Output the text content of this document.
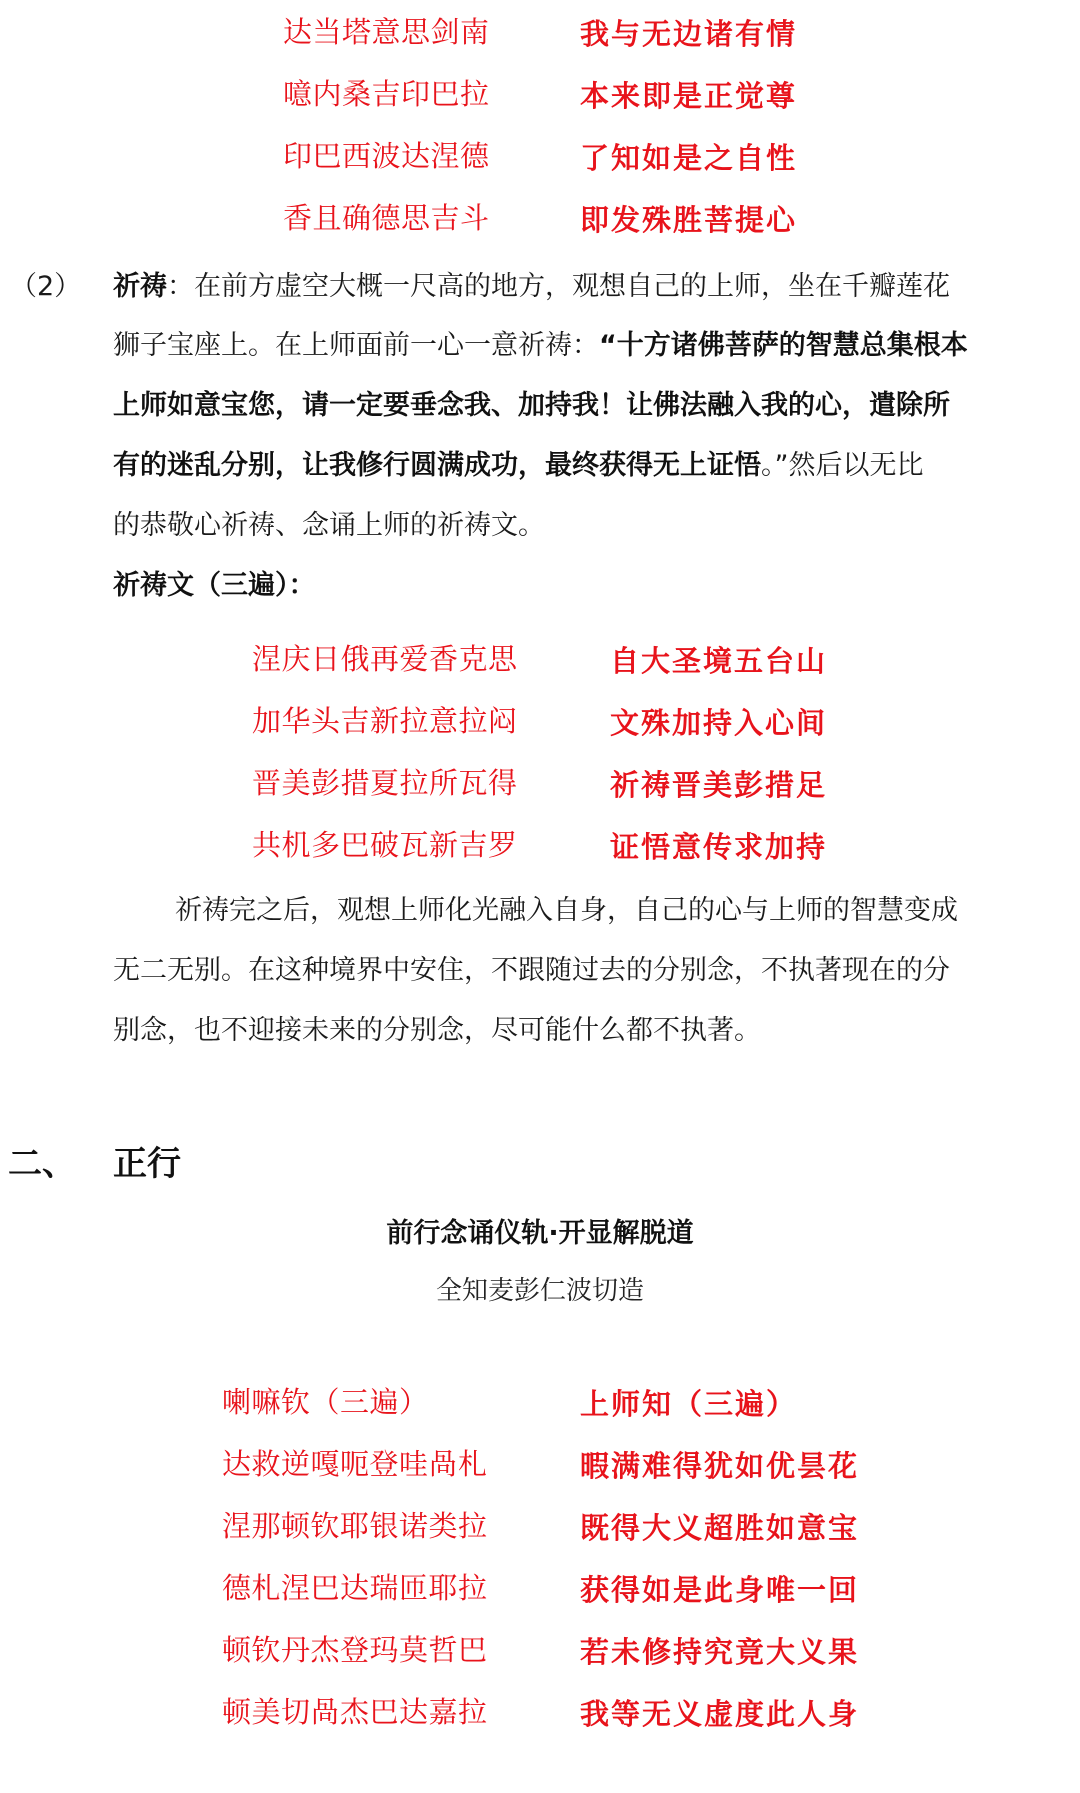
达当塔意思剑南
噫内桑吉印巴拉
印巴西波达涅德
香且确德思吉斗
我与无边诸有情
本来即是正觉尊
了知如是之自性
即发殊胜菩提心
（2） 祈祷：在前方虚空大概一尺高的地方，观想自己的上师，坐在千瓣莲花
狮子宝座上。在上师面前一心一意祈祷：“十方诸佛菩萨的智慧总集根本
上师如意宝您，请一定要垂念我、加持我！让佛法融入我的心，遣除所
有的迷乱分别，让我修行圆满成功，最终获得无上证悟。”然后以无比
的恭敬心祈祷、念诵上师的祈祷文。
祈祷文（三遍）：
涅庆日俄再爱香克思
加华头吉新拉意拉闷
晋美彭措夏拉所瓦得
共机多巴破瓦新吉罗
自大圣境五台山
文殊加持入心间
祈祷晋美彭措足
证悟意传求加持
祈祷完之后，观想上师化光融入自身，自己的心与上师的智慧变成
无二无别。在这种境界中安住，不跟随过去的分别念，不执著现在的分
别念，也不迎接未来的分别念，尽可能什么都不执著。
二、 正行
前行念诵仪轨·开显解脱道
全知麦彭仁波切造
喇嘛钦（三遍）
达救逆嘎呃登哇咼札
涅那顿钦耶银诺类拉
德札涅巴达瑞匝耶拉
顿钦丹杰登玛莫哲巴
顿美切咼杰巴达嘉拉
上师知（三遍）
暇满难得犹如优昙花
既得大义超胜如意宝
获得如是此身唯一回
若未修持究竟大义果
我等无义虚度此人身
